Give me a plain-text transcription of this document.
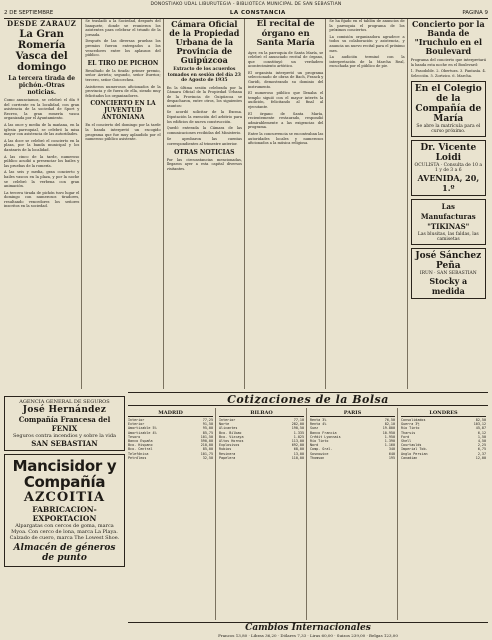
DONOSTIAKO UDAL LIBURUTEGIA - BIBLIOTECA MUNICIPAL DE SAN SEBASTIAN
2 DE SEPTIEMBRE	LA CONSTANCIA	PAGINA 9
DESDE ZARAUZ
La Gran Romería Vasca del domingo
La tercera tirada de pichón.-Otras noticias.

Como anunciamos, se celebró el día 9 del corriente en la localidad, con gran asistencia de la sociedad de Sport y Recreo, la gran romería vasca organizada por el Ayuntamiento.

A las once y media de la mañana, en la iglesia parroquial, se celebró la misa mayor con asistencia de las autoridades.

A las doce se celebró el concierto en la plaza, por la banda municipal y los dantzaris de la localidad.

A las cinco de la tarde, numeroso público acudió a presenciar los bailes y las pruebas de la romería.

A las seis y media, gran concierto y bailes vascos en la plaza, y por la noche se celebró la verbena con gran animación.

La tercera tirada de pichón tuvo lugar el domingo con numerosos tiradores, resultando vencedores los señores inscritos en la sociedad.

Se trasladó a la Sociedad, después del banquete, donde se reunieron los asistentes para celebrar el triunfo de la jornada.

Después de las diversas pruebas los premios fueron entregados a los vencedores entre los aplausos del público.

EL TIRO DE PICHON

Resultado de la tirada: primer premio, señor Arrieta; segundo, señor Iturrioz; tercero, señor Goicoechea.

Asistieron numerosos aficionados de la provincia y de fuera de ella, siendo muy felicitados los organizadores.

CONCIERTO EN LA JUVENTUD ANTONIANA

En el concierto del domingo por la tarde la banda interpretó un escogido programa que fue muy aplaudido por el numeroso público asistente.

Cámara Oficial de la Propiedad Urbana de la Provincia de Guipúzcoa
Extracto de los acuerdos tomados en sesión del día 23 de Agosto de 1935

En la última sesión celebrada por la Cámara Oficial de la Propiedad Urbana de la Provincia de Guipúzcoa se despacharon, entre otros, los siguientes asuntos:

Se acordó solicitar de la Excma. Diputación la exención del arbitrio para los edificios de nueva construcción.

Quedó enterada la Cámara de las comunicaciones recibidas del Ministerio.

Se aprobaron las cuentas correspondientes al trimestre anterior.

OTRAS NOTICIAS

Por las circunstancias mencionadas, llegaron ayer a esta capital diversos visitantes.

El recital de órgano en Santa María

Ayer, en la parroquia de Santa María, se celebró el anunciado recital de órgano, que constituyó un verdadero acontecimiento artístico.

El organista interpretó un programa seleccionado de obras de Bach, Franck y Guridi, demostrando su dominio del instrumento.

El numeroso público que llenaba el templo siguió con el mayor interés la audición, felicitando al final al ejecutante.

El órgano de Santa María, recientemente restaurado, respondió admirablemente a las exigencias del programa.

Entre la concurrencia se encontraban las autoridades locales y numerosos aficionados a la música religiosa.

Se ha fijado en el tablón de anuncios de la parroquia el programa de los próximos conciertos.

La comisión organizadora agradece a todos su colaboración y asistencia, y anuncia un nuevo recital para el próximo mes.

La audición terminó con la interpretación de la Marcha Real, escuchada por el público de pie.

Concierto por la Banda de "Iruchulo en el Boulevard

Programa del concierto que interpretará la banda esta noche en el Boulevard:

1. Pasodoble. 2. Obertura. 3. Fantasía. 4. Selección. 5. Zortzico. 6. Marcha.

En el Colegio de la Compañía de María
Se abre la matrícula para el curso próximo.
Dr. Vicente Loidi
OCULISTA · Consulta de 10 a 1 y de 3 a 6
AVENIDA, 20, 1.º
Las Manufacturas "TIKINAS"
Las blusitas, las faldas, las camisetas
José Sánchez Peña
IRUN · SAN SEBASTIAN
Stocky a medida
AGENCIA GENERAL DE SEGUROS
José Hernández
Compañía Francesa del FENIX
Seguros contra incendios y sobre la vida
SAN SEBASTIAN
Mancisidor y Compañía
AZCOITIA
FABRICACION-EXPORTACION
Alpargatas con cercos de goma, marca Myoa. Con cerco de lona, marca La Playa. Calzado de cuero, marca The Lowest Shoe.
Almacén de géneros de punto
Cotizaciones de la Bolsa
MADRID
Interior	77,25
Exterior	91,50
Amortizable 5%	95,00
Amortizable 4%	85,75
Tesoro	101,50
Banco España	590,00
Bco. Hispano	210,00
Bco. Central	85,00
Telefónica	101,75
Petróleos	32,50
BILBAO
Interior	77,10
Norte	282,00
Alicantes	190,50
Bco. Bilbao	1.335
Bco. Vizcaya	1.025
Altos Hornos	113,00
Explosivos	692,00
Rubios	68,00
Resinera	13,00
Papelera	110,00
PARIS
Renta 3%	76,50
Renta 4%	82,10
Suez	19.800
Banco Francia	10.950
Crédit Lyonnais	1.950
Río Tinto	1.390
Nord	1.160
Comp. Gral.	340
Sosnowice	640
Thomson	195
LONDRES
Consolidados	82,50
Guerra 3½	103,12
Río Tinto	45,87
Tharsis	6,12
Ford	1,50
Shell	4,50
Courtaulds	2,25
Imperial Tob.	6,75
Anglo Persian	2,37
Canadian	12,00
Cambios Internacionales
Francos 13,80 · Libras 36,20 · Dólares 7,33 · Liras 60,00 · Suizos 239,00 · Belgas 123,00
